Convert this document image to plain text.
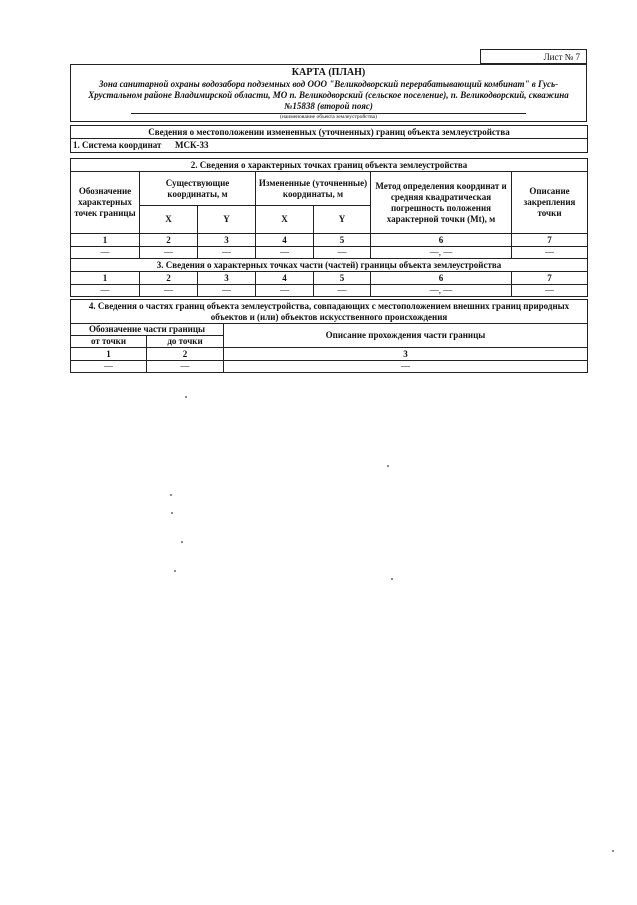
Лист № 7
КАРТА (ПЛАН)
Зона санитарной охраны водозабора подземных вод ООО "Великодворский перерабатывающий комбинат" в Гусь-Хрустальном районе Владимирской области, МО п. Великодворский (сельское поселение), п. Великодворский, скважина №15838 (второй пояс)
(наименование объекта землеустройства)
Сведения о местоположении измененных (уточненных) границ объекта землеустройства						
1. Система координат МСК-33						

2. Сведения о характерных точках границ объекта землеустройства						
Обозначение характерных точек границы	Существующие координаты, м		Измененные (уточненные) координаты, м		Метод определения координат и средняя квадратическая погрешность положения характерной точки (Mt), м	Описание закрепления точки
	X	Y	X	Y		
1	2	3	4	5	6	7
—	—	—	—	—	—, —	—
3. Сведения о характерных точках части (частей) границы объекта землеустройства						
1	2	3	4	5	6	7
—	—	—	—	—	—, —	—
4. Сведения о частях границ объекта землеустройства, совпадающих с местоположением внешних границ природных объектов и (или) объектов искусственного происхождения		
Обозначение части границы		Описание прохождения части границы
от точки	до точки	
1	2	3
—	—	—
